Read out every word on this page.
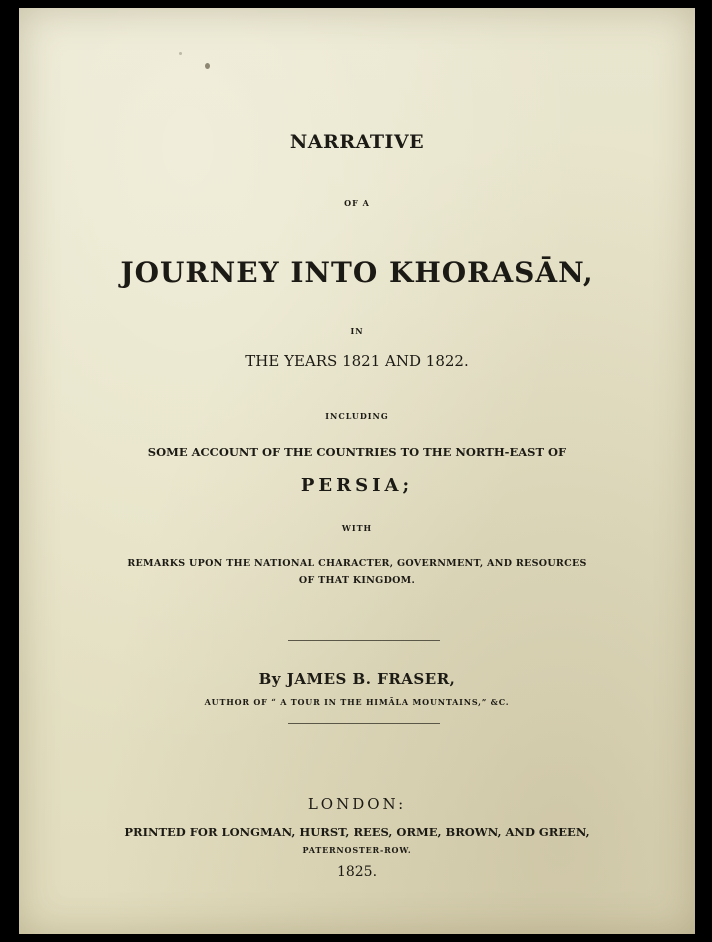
NARRATIVE
OF A
JOURNEY INTO KHORASĀN,
IN
THE YEARS 1821 AND 1822.
INCLUDING
SOME ACCOUNT OF THE COUNTRIES TO THE NORTH-EAST OF
PERSIA;
WITH
REMARKS UPON THE NATIONAL CHARACTER, GOVERNMENT, AND RESOURCES
OF THAT KINGDOM.
By JAMES B. FRASER,
AUTHOR OF “ A TOUR IN THE HIMĀLA MOUNTAINS,” &C.
LONDON:
PRINTED FOR LONGMAN, HURST, REES, ORME, BROWN, AND GREEN,
PATERNOSTER-ROW.
1825.
